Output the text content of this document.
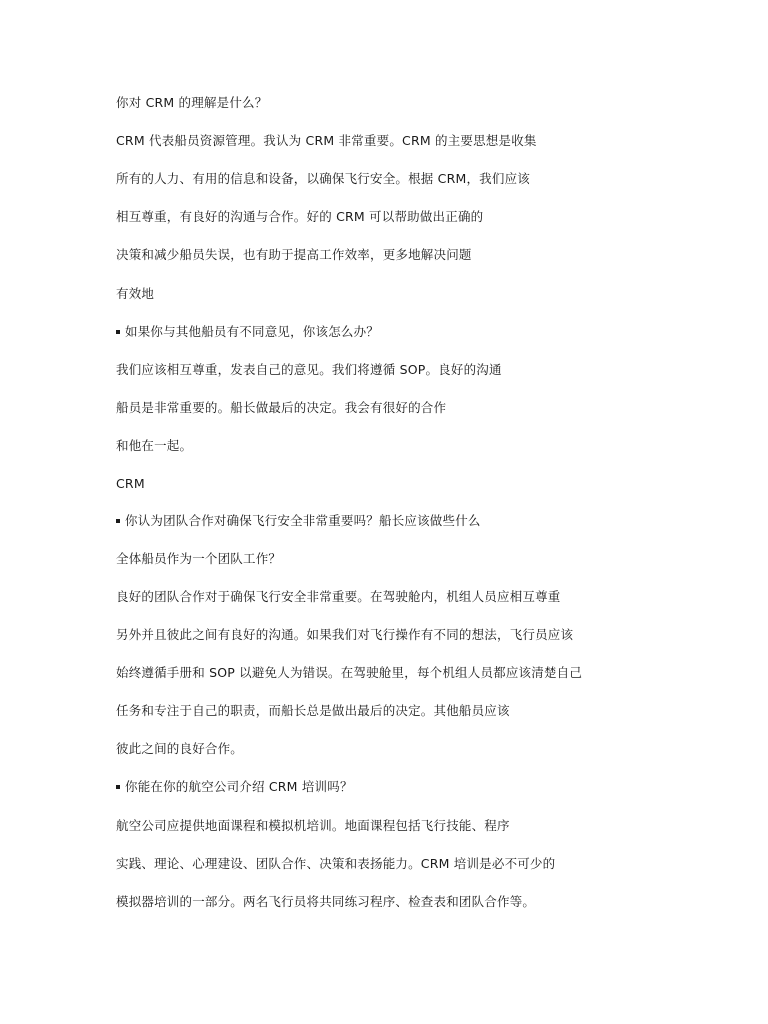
你对 CRM 的理解是什么？
CRM 代表船员资源管理。我认为 CRM 非常重要。CRM 的主要思想是收集
所有的人力、有用的信息和设备，以确保飞行安全。根据 CRM，我们应该
相互尊重，有良好的沟通与合作。好的 CRM 可以帮助做出正确的
决策和减少船员失误，也有助于提高工作效率，更多地解决问题
有效地
如果你与其他船员有不同意见，你该怎么办？
我们应该相互尊重，发表自己的意见。我们将遵循 SOP。良好的沟通
船员是非常重要的。船长做最后的决定。我会有很好的合作
和他在一起。
CRM
你认为团队合作对确保飞行安全非常重要吗？船长应该做些什么
全体船员作为一个团队工作？
良好的团队合作对于确保飞行安全非常重要。在驾驶舱内，机组人员应相互尊重
另外并且彼此之间有良好的沟通。如果我们对飞行操作有不同的想法，飞行员应该
始终遵循手册和 SOP 以避免人为错误。在驾驶舱里，每个机组人员都应该清楚自己
任务和专注于自己的职责，而船长总是做出最后的决定。其他船员应该
彼此之间的良好合作。
你能在你的航空公司介绍 CRM 培训吗？
航空公司应提供地面课程和模拟机培训。地面课程包括飞行技能、程序
实践、理论、心理建设、团队合作、决策和表扬能力。CRM 培训是必不可少的
模拟器培训的一部分。两名飞行员将共同练习程序、检查表和团队合作等。
